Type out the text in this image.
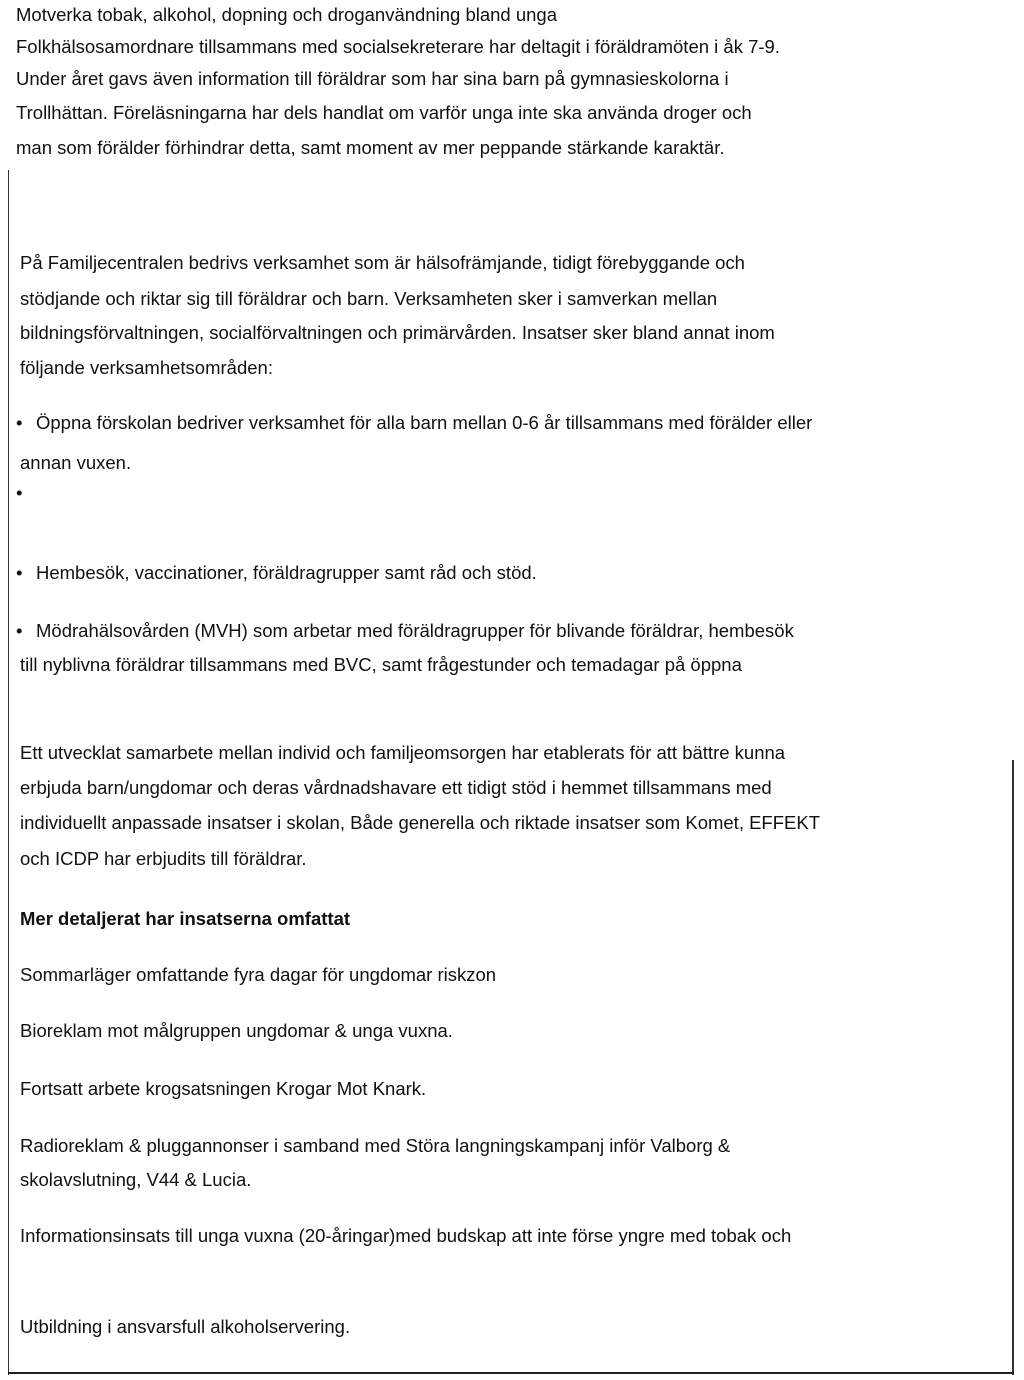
Motverka tobak, alkohol, dopning och droganvändning bland unga
Folkhälsosamordnare tillsammans med socialsekreterare har deltagit i föräldramöten i åk 7-9.
Under året gavs även information till föräldrar som har sina barn på gymnasieskolorna i
Trollhättan. Föreläsningarna har dels handlat om varför unga inte ska använda droger och
man som förälder förhindrar detta, samt moment av mer peppande stärkande karaktär.
På Familjecentralen bedrivs verksamhet som är hälsofrämjande, tidigt förebyggande och
stödjande och riktar sig till föräldrar och barn. Verksamheten sker i samverkan mellan
bildningsförvaltningen, socialförvaltningen och primärvården. Insatser sker bland annat inom
följande verksamhetsområden:
• Öppna förskolan bedriver verksamhet för alla barn mellan 0-6 år tillsammans med förälder eller
annan vuxen.
•
• Hembesök, vaccinationer, föräldragrupper samt råd och stöd.
• Mödrahälsovården (MVH) som arbetar med föräldragrupper för blivande föräldrar, hembesök
till nyblivna föräldrar tillsammans med BVC, samt frågestunder och temadagar på öppna
Ett utvecklat samarbete mellan individ och familjeomsorgen har etablerats för att bättre kunna
erbjuda barn/ungdomar och deras vårdnadshavare ett tidigt stöd i hemmet tillsammans med
individuellt anpassade insatser i skolan, Både generella och riktade insatser som Komet, EFFEKT
och ICDP har erbjudits till föräldrar.
Mer detaljerat har insatserna omfattat
Sommarläger omfattande fyra dagar för ungdomar riskzon
Bioreklam mot målgruppen ungdomar & unga vuxna.
Fortsatt arbete krogsatsningen Krogar Mot Knark.
Radioreklam & pluggannonser i samband med Störa langningskampanj inför Valborg &
skolavslutning, V44 & Lucia.
Informationsinsats till unga vuxna (20-åringar)med budskap att inte förse yngre med tobak och
Utbildning i ansvarsfull alkoholservering.
